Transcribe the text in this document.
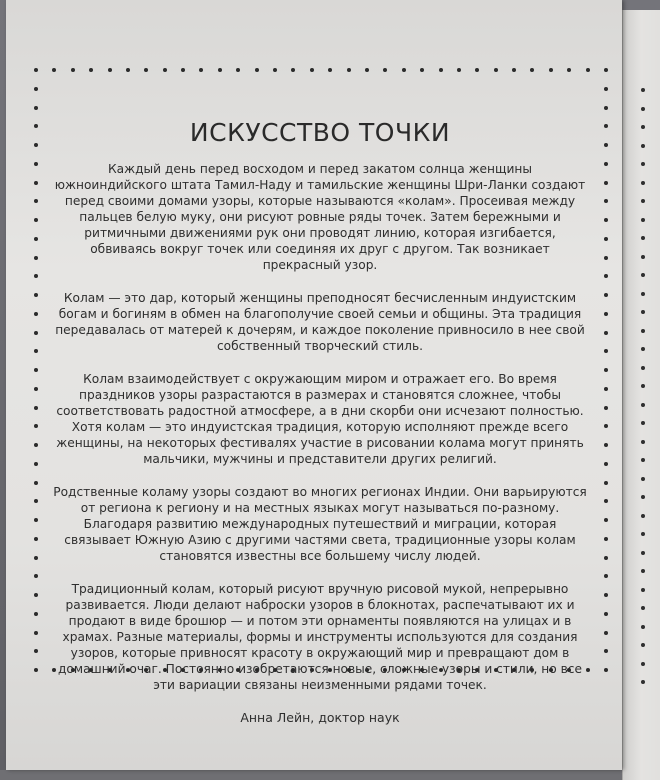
ИСКУССТВО ТОЧКИ

Каждый день перед восходом и перед закатом солнца женщины южноиндийского штата Тамил-Наду и тамильские женщины Шри-Ланки создают перед своими домами узоры, которые называются «колам». Просеивая между пальцев белую муку, они рисуют ровные ряды точек. Затем бережными и ритмичными движениями рук они проводят линию, которая изгибается, обвиваясь вокруг точек или соединяя их друг с другом. Так возникает прекрасный узор.

Колам — это дар, который женщины преподносят бесчисленным индуистским богам и богиням в обмен на благополучие своей семьи и общины. Эта традиция передавалась от матерей к дочерям, и каждое поколение привносило в нее свой собственный творческий стиль.

Колам взаимодействует с окружающим миром и отражает его. Во время праздников узоры разрастаются в размерах и становятся сложнее, чтобы соответствовать радостной атмосфере, а в дни скорби они исчезают полностью. Хотя колам — это индуистская традиция, которую исполняют прежде всего женщины, на некоторых фестивалях участие в рисовании колама могут принять мальчики, мужчины и представители других религий.

Родственные коламу узоры создают во многих регионах Индии. Они варьируются от региона к региону и на местных языках могут называться по-разному. Благодаря развитию международных путешествий и миграции, которая связывает Южную Азию с другими частями света, традиционные узоры колам становятся известны все большему числу людей.

Традиционный колам, который рисуют вручную рисовой мукой, непрерывно развивается. Люди делают наброски узоров в блокнотах, распечатывают их и продают в виде брошюр — и потом эти орнаменты появляются на улицах и в храмах. Разные материалы, формы и инструменты используются для создания узоров, которые привносят красоту в окружающий мир и превращают дом в домашний очаг. Постоянно изобретаются новые, сложные узоры и стили, но все эти вариации связаны неизменными рядами точек.

Анна Лейн, доктор наук
